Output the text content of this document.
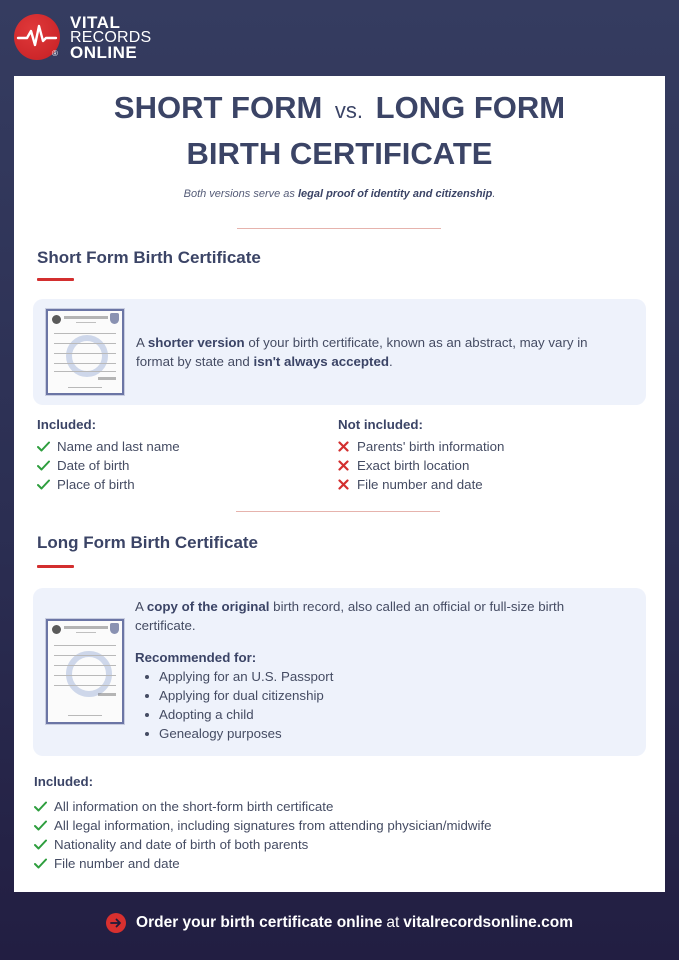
®
VITAL
RECORDS
ONLINE
SHORT FORM vs. LONG FORM
BIRTH CERTIFICATE
Both versions serve as legal proof of identity and citizenship.
Short Form Birth Certificate
A shorter version of your birth certificate, known as an abstract, may vary in format by state and isn't always accepted.
Included:
Name and last name
Date of birth
Place of birth
Not included:
Parents' birth information
Exact birth location
File number and date
Long Form Birth Certificate
A copy of the original birth record, also called an official or full-size birth certificate.
Recommended for:
Applying for an U.S. Passport
Applying for dual citizenship
Adopting a child
Genealogy purposes
Included:
All information on the short-form birth certificate
All legal information, including signatures from attending physician/midwife
Nationality and date of birth of both parents
File number and date
Order your birth certificate online at vitalrecordsonline.com
